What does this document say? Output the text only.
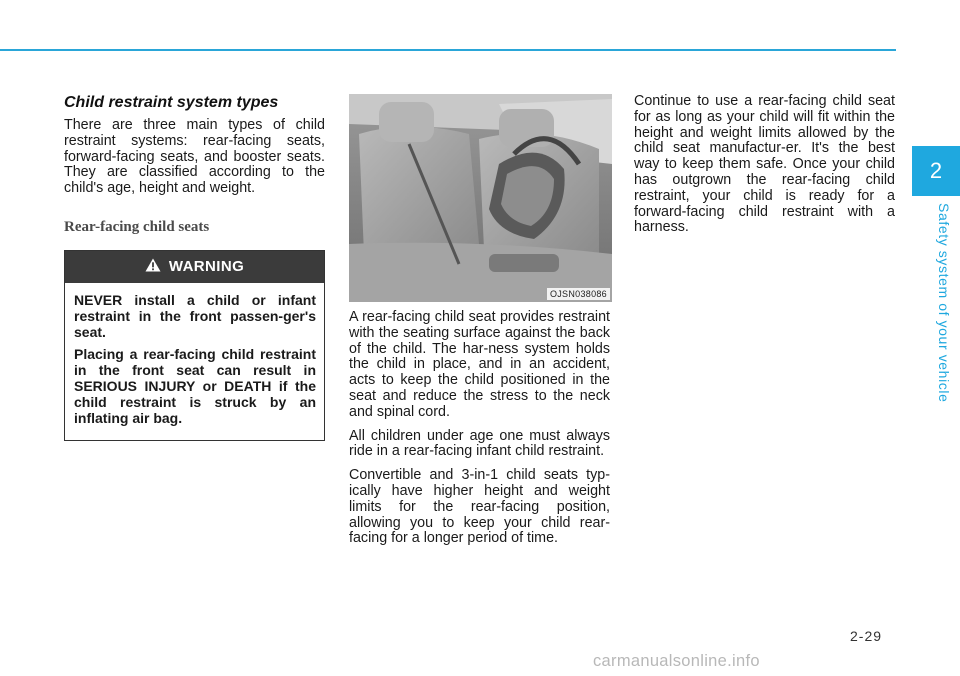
2
Safety system of your vehicle
Child restraint system types

There are three main types of child restraint systems: rear-facing seats, forward-facing seats, and booster seats. They are classified according to the child's age, height and weight.

Rear-facing child seats
WARNING

NEVER install a child or infant restraint in the front passen-ger's seat.

Placing a rear-facing child restraint in the front seat can result in SERIOUS INJURY or DEATH if the child restraint is struck by an inflating air bag.

OJSN038086

A rear-facing child seat provides restraint with the seating surface against the back of the child. The har-ness system holds the child in place, and in an accident, acts to keep the child positioned in the seat and reduce the stress to the neck and spinal cord.

All children under age one must always ride in a rear-facing infant child restraint.

Convertible and 3-in-1 child seats typ-ically have higher height and weight limits for the rear-facing position, allowing you to keep your child rear-facing for a longer period of time.

Continue to use a rear-facing child seat for as long as your child will fit within the height and weight limits allowed by the child seat manufactur-er. It's the best way to keep them safe. Once your child has outgrown the rear-facing child restraint, your child is ready for a forward-facing child restraint with a harness.

2-29
carmanualsonline.info
